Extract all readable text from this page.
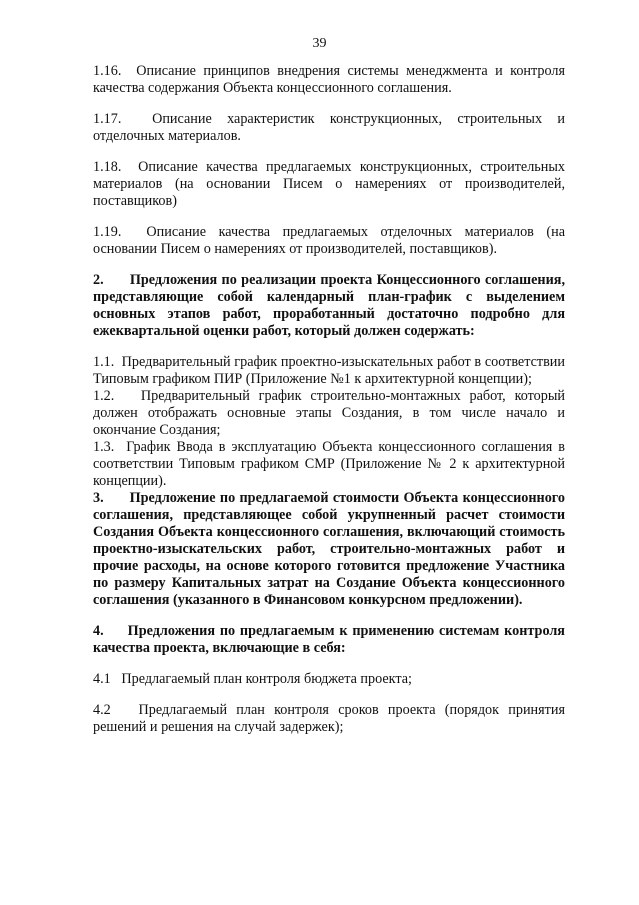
39

1.16.  Описание принципов внедрения системы менеджмента и контроля качества содержания Объекта концессионного соглашения.

1.17.  Описание характеристик конструкционных, строительных и отделочных материалов.

1.18.  Описание качества предлагаемых конструкционных, строительных материалов (на основании Писем о намерениях от производителей, поставщиков)

1.19.  Описание качества предлагаемых отделочных материалов (на основании Писем о намерениях от производителей, поставщиков).

2.      Предложения по реализации проекта Концессионного соглашения, представляющие собой календарный план-график с выделением основных этапов работ, проработанный достаточно подробно для ежеквартальной оценки работ, который должен содержать:

1.1.  Предварительный график проектно-изыскательных работ в соответствии Типовым графиком ПИР (Приложение №1 к архитектурной концепции);

1.2.   Предварительный график строительно-монтажных работ, который должен отображать основные этапы Создания, в том числе начало и окончание Создания;

1.3.  График Ввода в эксплуатацию Объекта концессионного соглашения в соответствии Типовым графиком СМР (Приложение № 2 к архитектурной концепции).

3.      Предложение по предлагаемой стоимости Объекта концессионного соглашения, представляющее собой укрупненный расчет стоимости Создания Объекта концессионного соглашения, включающий стоимость проектно-изыскательских работ, строительно-монтажных работ и прочие расходы, на основе которого готовится предложение Участника по размеру Капитальных затрат на Создание Объекта концессионного соглашения (указанного в Финансовом конкурсном предложении).

4.     Предложения по предлагаемым к применению системам контроля качества проекта, включающие в себя:

4.1   Предлагаемый план контроля бюджета проекта;

4.2   Предлагаемый план контроля сроков проекта (порядок принятия решений и решения на случай задержек);
